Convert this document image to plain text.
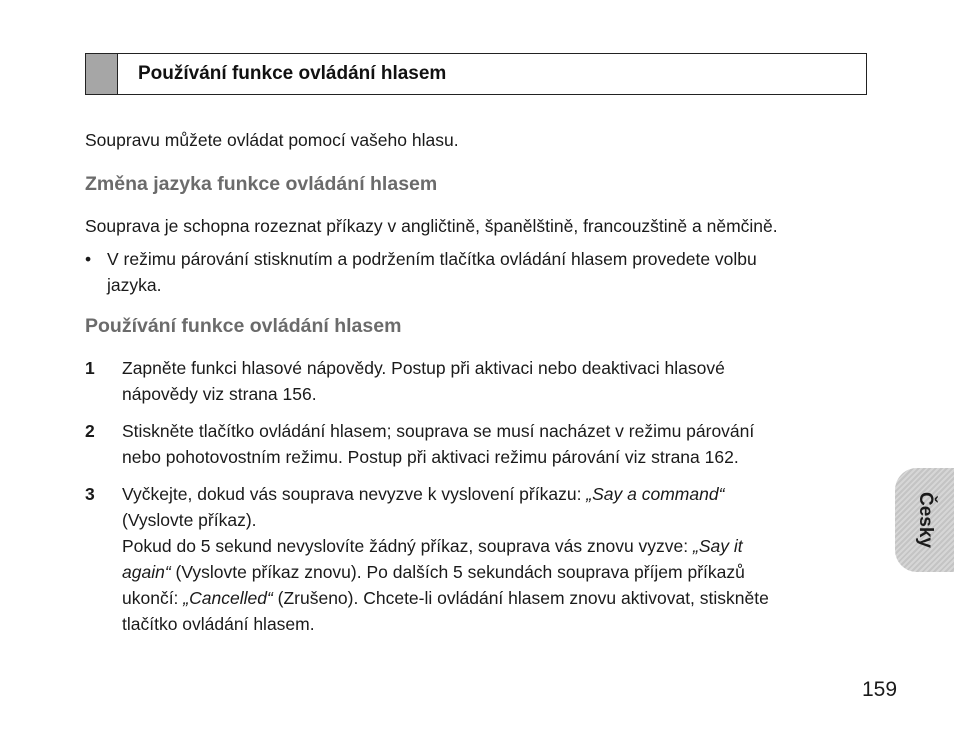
Používání funkce ovládání hlasem
Soupravu můžete ovládat pomocí vašeho hlasu.
Změna jazyka funkce ovládání hlasem
Souprava je schopna rozeznat příkazy v angličtině, španělštině, francouzštině a němčině.
• V režimu párování stisknutím a podržením tlačítka ovládání hlasem provedete volbu
jazyka.
Používání funkce ovládání hlasem
1 Zapněte funkci hlasové nápovědy. Postup při aktivaci nebo deaktivaci hlasové
nápovědy viz strana 156.
2 Stiskněte tlačítko ovládání hlasem; souprava se musí nacházet v režimu párování
nebo pohotovostním režimu. Postup při aktivaci režimu párování viz strana 162.
3 Vyčkejte, dokud vás souprava nevyzve k vyslovení příkazu: „Say a command“
(Vyslovte příkaz).
Pokud do 5 sekund nevyslovíte žádný příkaz, souprava vás znovu vyzve: „Say it
again“ (Vyslovte příkaz znovu). Po dalších 5 sekundách souprava příjem příkazů
ukončí: „Cancelled“ (Zrušeno). Chcete-li ovládání hlasem znovu aktivovat, stiskněte
tlačítko ovládání hlasem.
Česky
159
